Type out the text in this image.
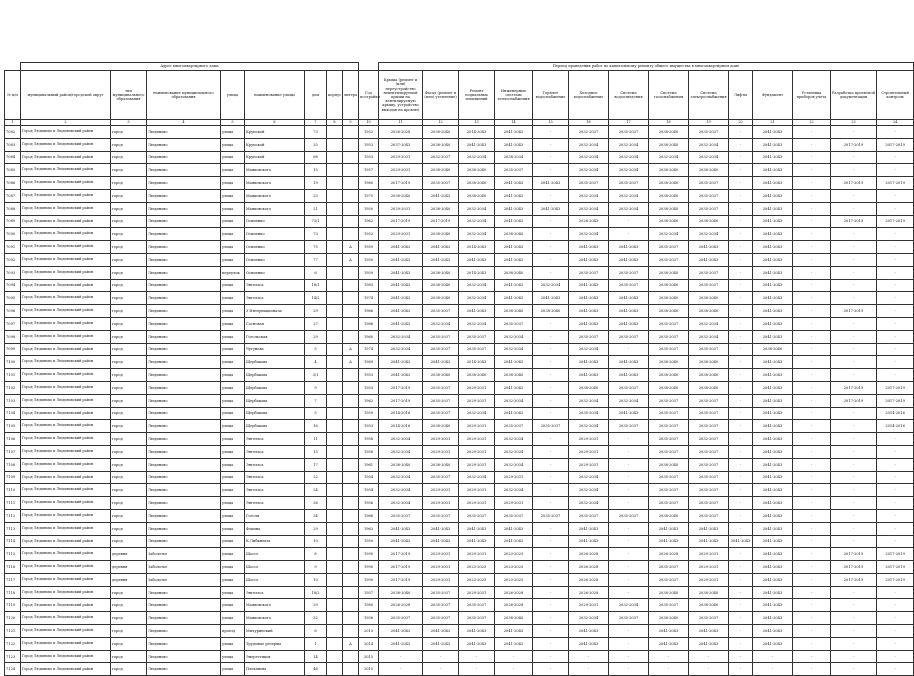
	Адрес многоквартирного дома									Период проведения работ по капитальному ремонту общего имущества в многоквартирном доме													
№ п/п	муниципальный район/городской округ	тип муниципального образования	наименование муниципального образования	улица	наименование улицы	дом	корпус	литера	Год постройки	Крыша (ремонт и (или) переустройство невентилируемой крыши на вентилируемую крышу, устройство выходов на кровлю)	Фасад (ремонт и (или) утепление)	Ремонт подвальных помещений	Инженерные системы теплоснабжения	Горячее водоснабжение	Холодное водоснабжение	Система водоотведения	Система газоснабжения	Система электроснабжения	Лифты	Фундамент	Установка приборов учета	Разработка проектной документации	Строительный контроль
1	2	3	4	5	6	7	8	9	10	11	12	13	14	15	16	17	18	19	20	21	22	23	24
7082	Город Людиново и Людиновский район	город	Людиново	улица	Крупской	73			1952	2026-2028	2038-2040	2014-2043	2041-2043	-	2032-2037	2035-2037	2038-2040	2035-2037	-	2041-2043	-	-	-
7083	Город Людиново и Людиновский район	город	Людиново	улица	Крупской	25			1953	2037-2043	2038-2040	2041-2043	2041-2043	-	2032-2034	2032-2034	2038-2040	2032-2034	-	2041-2043	-	2017-2019	2017-2019
7084	Город Людиново и Людиновский район	город	Людиново	улица	Крупской	68			1953	2029-2031	2032-2037	2032-2034	2038-2034	-	2032-2034	2032-2034	2032-2034	2032-2034	-	2041-2043	-	-	-
7085	Город Людиново и Людиновский район	город	Людиново	улица	Маяковского	15			1957	2029-2031	2038-2040	2038-2040	2035-2037	-	2032-2034	2032-2034	2038-2040	2038-2040	-	2041-2043	-	-	-
7086	Город Людиново и Людиновский район	город	Людиново	улица	Маяковского	19			1960	2017-2019	2035-2037	2038-2040	2041-2043	2041-2043	2035-2037	2035-2037	2038-2040	2035-2037	-	2041-2043	-	2017-2019	2017-2019
7087	Город Людиново и Людиновский район	город	Людиново	улица	Маяковского	23			1975	2038-2040	2041-2043	2038-2040	2041-2043	-	2032-2034	2032-2034	2038-2040	2035-2037	-	2041-2043	-	-	-
7088	Город Людиново и Людиновский район	город	Людиново	улица	Маяковского	21			1950	2029-2031	2038-2040	2032-2034	2041-2043	2041-2043	2032-2034	2032-2034	2038-2040	2035-2037	-	2041-2043	-	-	-
7089	Город Людиново и Людиновский район	город	Людиново	улица	Осипенко	73/1			1962	2017-2019	2017-2019	2032-2034	2041-2043	-	2026-2043	-	2038-2040	2038-2040	-	2041-2043	-	2017-2019	2017-2019
7090	Город Людиново и Людиновский район	город	Людиново	улица	Осипенко	73			1952	2029-2031	2038-2040	2032-2034	2038-2040	-	2032-2034	-	2032-2034	2032-2034	-	2041-2043	-	-	-
7091	Город Людиново и Людиновский район	город	Людиново	улица	Осипенко	75		А	1959	2041-2043	2041-2043	2014-2043	2041-2043	-	2041-2043	2041-2043	2035-2037	2041-2043	-	2041-2043	-	-	-
7092	Город Людиново и Людиновский район	город	Людиново	улица	Осипенко	77		А	1950	2041-2043	2041-2043	2041-2043	2041-2043	-	2041-2043	2041-2043	2035-2037	2041-2043	-	2041-2043	-	-	-
7093	Город Людиново и Людиновский район	город	Людиново	переулок	Осипенко	6			1959	2041-2043	2038-2040	2014-2043	2038-2040	-	2035-2037	2035-2037	2038-2040	2035-2037	-	2041-2043	-	-	-
7094	Город Людиново и Людиновский район	город	Людиново	улица	Энгельса	18/1			1983	2041-2043	2038-2040	2032-2034	2041-2043	2032-2034	2041-2043	2035-2037	2038-2040	2035-2037	-	2041-2043	-	-	-
7095	Город Людиново и Людиновский район	город	Людиново	улица	Энгельса	14/2			1974	2041-2043	2038-2040	2032-2034	2041-2043	2041-2043	2041-2043	2041-2043	2038-2040	2038-2040	-	2041-2043	-	-	-
7096	Город Людиново и Людиновский район	город	Людиново	улица	3 Интернационала	29			1966	2041-2043	2035-2037	2041-2043	2038-2040	2038-2040	2041-2043	2041-2043	2038-2040	2038-2040	-	2041-2043	-	2017-2019	-
7097	Город Людиново и Людиновский район	город	Людиново	улица	Сосновая	27			1986	2041-2043	2032-2034	2032-2034	2035-2037	-	2041-2043	2041-2043	2035-2037	2032-2034	-	2041-2043	-	-	-
7098	Город Людиново и Людиновский район	город	Людиново	улица	Гогольская	29			1960	2032-2034	2035-2037	2035-2037	2032-2034	-	2035-2037	2035-2037	2035-2037	2032-2034	-	2041-2043	-	-	-
7099	Город Людиново и Людиновский район	город	Людиново	улица	Чугунова	5		А	1974	2032-2034	2035-2037	2035-2037	2032-2034	-	2032-2034	-	2035-2037	2035-2037	-	2038-2040	-	-	-
7100	Город Людиново и Людиновский район	город	Людиново	улица	Щербакова	4		А	1969	2041-2043	2041-2043	2014-2043	2041-2043	-	2041-2043	2041-2043	2038-2040	2038-2040	-	2041-2043	-	-	-
7101	Город Людиново и Людиновский район	город	Людиново	улица	Щербакова	3/1			1953	2041-2043	2038-2040	2038-2040	2038-2040	-	2041-2043	2041-2043	2038-2040	2038-2040	-	2041-2043	-	-	-
7102	Город Людиново и Людиновский район	город	Людиново	улица	Щербакова	9			1953	2017-2019	2035-2037	2029-2031	2041-2043	-	2038-2040	2035-2037	2038-2040	2038-2040	-	2041-2043	-	2017-2019	2017-2019
7103	Город Людиново и Людиновский район	город	Людиново	улица	Щербакова	7			1962	2017-2019	2035-2037	2029-2031	2032-2034	-	2032-2034	2032-2034	2035-2037	2035-2037	-	2041-2043	-	2017-2019	2017-2019
7104	Город Людиново и Людиновский район	город	Людиново	улица	Щербакова	5			1959	2014-2016	2035-2037	2032-2034	2041-2043	-	2035-2034	2041-2043	2035-2037	2035-2037	-	2041-2043	-	-	2014-2016
7105	Город Людиново и Людиновский район	город	Людиново	улица	Щербакова	16			1953	2014-2016	2038-2040	2029-2031	2035-2037	2035-2037	2032-2034	2035-2037	2035-2037	2035-2037	-	2041-2043	-	-	2014-2016
7106	Город Людиново и Людиновский район	город	Людиново	улица	Энгельса	11			1958	2032-2034	2029-2031	2029-2031	2032-2034	-	2029-2031	-	2035-2037	2032-2037	-	2041-2043	-	-	-
7107	Город Людиново и Людиновский район	город	Людиново	улица	Энгельса	15			1958	2032-2034	2029-2031	2029-2031	2032-2034	-	2029-2031	-	2035-2037	2035-2037	-	2041-2043	-	-	-
7108	Город Людиново и Людиновский район	город	Людиново	улица	Энгельса	17			1961	2038-2040	2038-2040	2029-2031	2032-2034	-	2029-2031	-	2038-2040	2035-2037	-	2041-2043	-	-	-
7109	Город Людиново и Людиновский район	город	Людиново	улица	Энгельса	22			1954	2032-2034	2035-2037	2032-2034	2029-2031	-	2032-2034	-	2035-2037	2035-2037	-	2041-2043	-	-	-
7110	Город Людиново и Людиновский район	город	Людиново	улица	Энгельса	24			1954	2032-2034	2029-2031	2029-2031	2032-2034	-	2032-2034	-	2035-2037	2035-2037	-	2041-2043	-	-	-
7111	Город Людиново и Людиновский район	город	Людиново	улица	Энгельса	26			1956	2032-2034	2029-2031	2029-2031	2029-2031	-	2032-2034	-	2035-2037	2035-2037	-	2041-2043	-	-	-
7112	Город Людиново и Людиновский район	город	Людиново	улица	Гоголя	24			1966	2035-2037	2035-2037	2035-2037	2035-2037	2035-2037	2035-2037	2035-2037	2038-2040	2035-2037	-	2041-2043	-	-	-
7113	Город Людиново и Людиновский район	город	Людиново	улица	Фокина	29			1963	2041-2043	2041-2043	2041-2043	2041-2043	-	2041-2043	-	2041-2043	2041-2043	-	2041-2043	-	-	-
7114	Город Людиново и Людиновский район	город	Людиново	улица	К.Либкнехта	10			1950	2041-2043	2041-2043	2041-2043	2041-2043	-	2041-2043	-	2041-2043	2041-2043	2041-2043	2041-2043	-	-	-
7115	Город Людиново и Людиновский район	деревня	Заболотье	улица	Шоссе	8			1990	2017-2019	2029-2031	2029-2031	2023-2025	-	2026-2028	-	2026-2028	2029-2031	-	2041-2043	-	2017-2019	2017-2019
7116	Город Людиново и Людиновский район	деревня	Заболотье	улица	Шоссе	9			1990	2017-2019	2029-2031	2023-2025	2023-2025	-	2026-2028	-	2035-2037	2029-2031	-	2041-2043	-	2017-2019	2017-2019
7117	Город Людиново и Людиновский район	деревня	Заболотье	улица	Шоссе	10			1990	2017-2019	2029-2031	2023-2025	2023-2025	-	2026-2028	-	2035-2037	2029-2031	-	2041-2043	-	2017-2019	2017-2019
7118	Город Людиново и Людиновский район	город	Людиново	улица	Энгельса	18/2			1957	2038-2040	2035-2037	2029-2031	2026-2028	-	2026-2028	-	2038-2040	2038-2040	-	2041-2043	-	-	-
7119	Город Людиново и Людиновский район	город	Людиново	улица	Маяковского	29			1980	2026-2028	2035-2037	2035-2037	2026-2028	-	2029-2031	2032-2034	2035-2037	2038-2040	-	2041-2043	-	-	-
7120	Город Людиново и Людиновский район	город	Людиново	улица	Маяковского	32			1956	2035-2037	2035-2037	2035-2037	2038-2040	-	2032-2034	2035-2037	2038-2040	2035-2037	-	2041-2043	-	-	-
7121	Город Людиново и Людиновский район	город	Людиново	проезд	Мичуринский	6			2013	2041-2043	2041-2043	2041-2043	2041-2043	-	2041-2043	-	2041-2043	2041-2043	-	2041-2043	-	-	-
7122	Город Людиново и Людиновский район	город	Людиново	улица	Трудовые резервы	1		А	2014	2041-2043	2041-2043	2041-2043	2041-2043	-	2041-2043	-	2041-2043	2041-2043	-	2041-2043	-	-	-
7123	Город Людиново и Людиновский район	город	Людиново	улица	Энергетиков	14			2015	-	-	-	-	-	-	-	-	-	-	-	-	-	-
7124	Город Людиново и Людиновский район	город	Людиново	улица	Плеханова	46			2015	-	-	-	-	-	-	-	-	-	-	-	-	-	-
